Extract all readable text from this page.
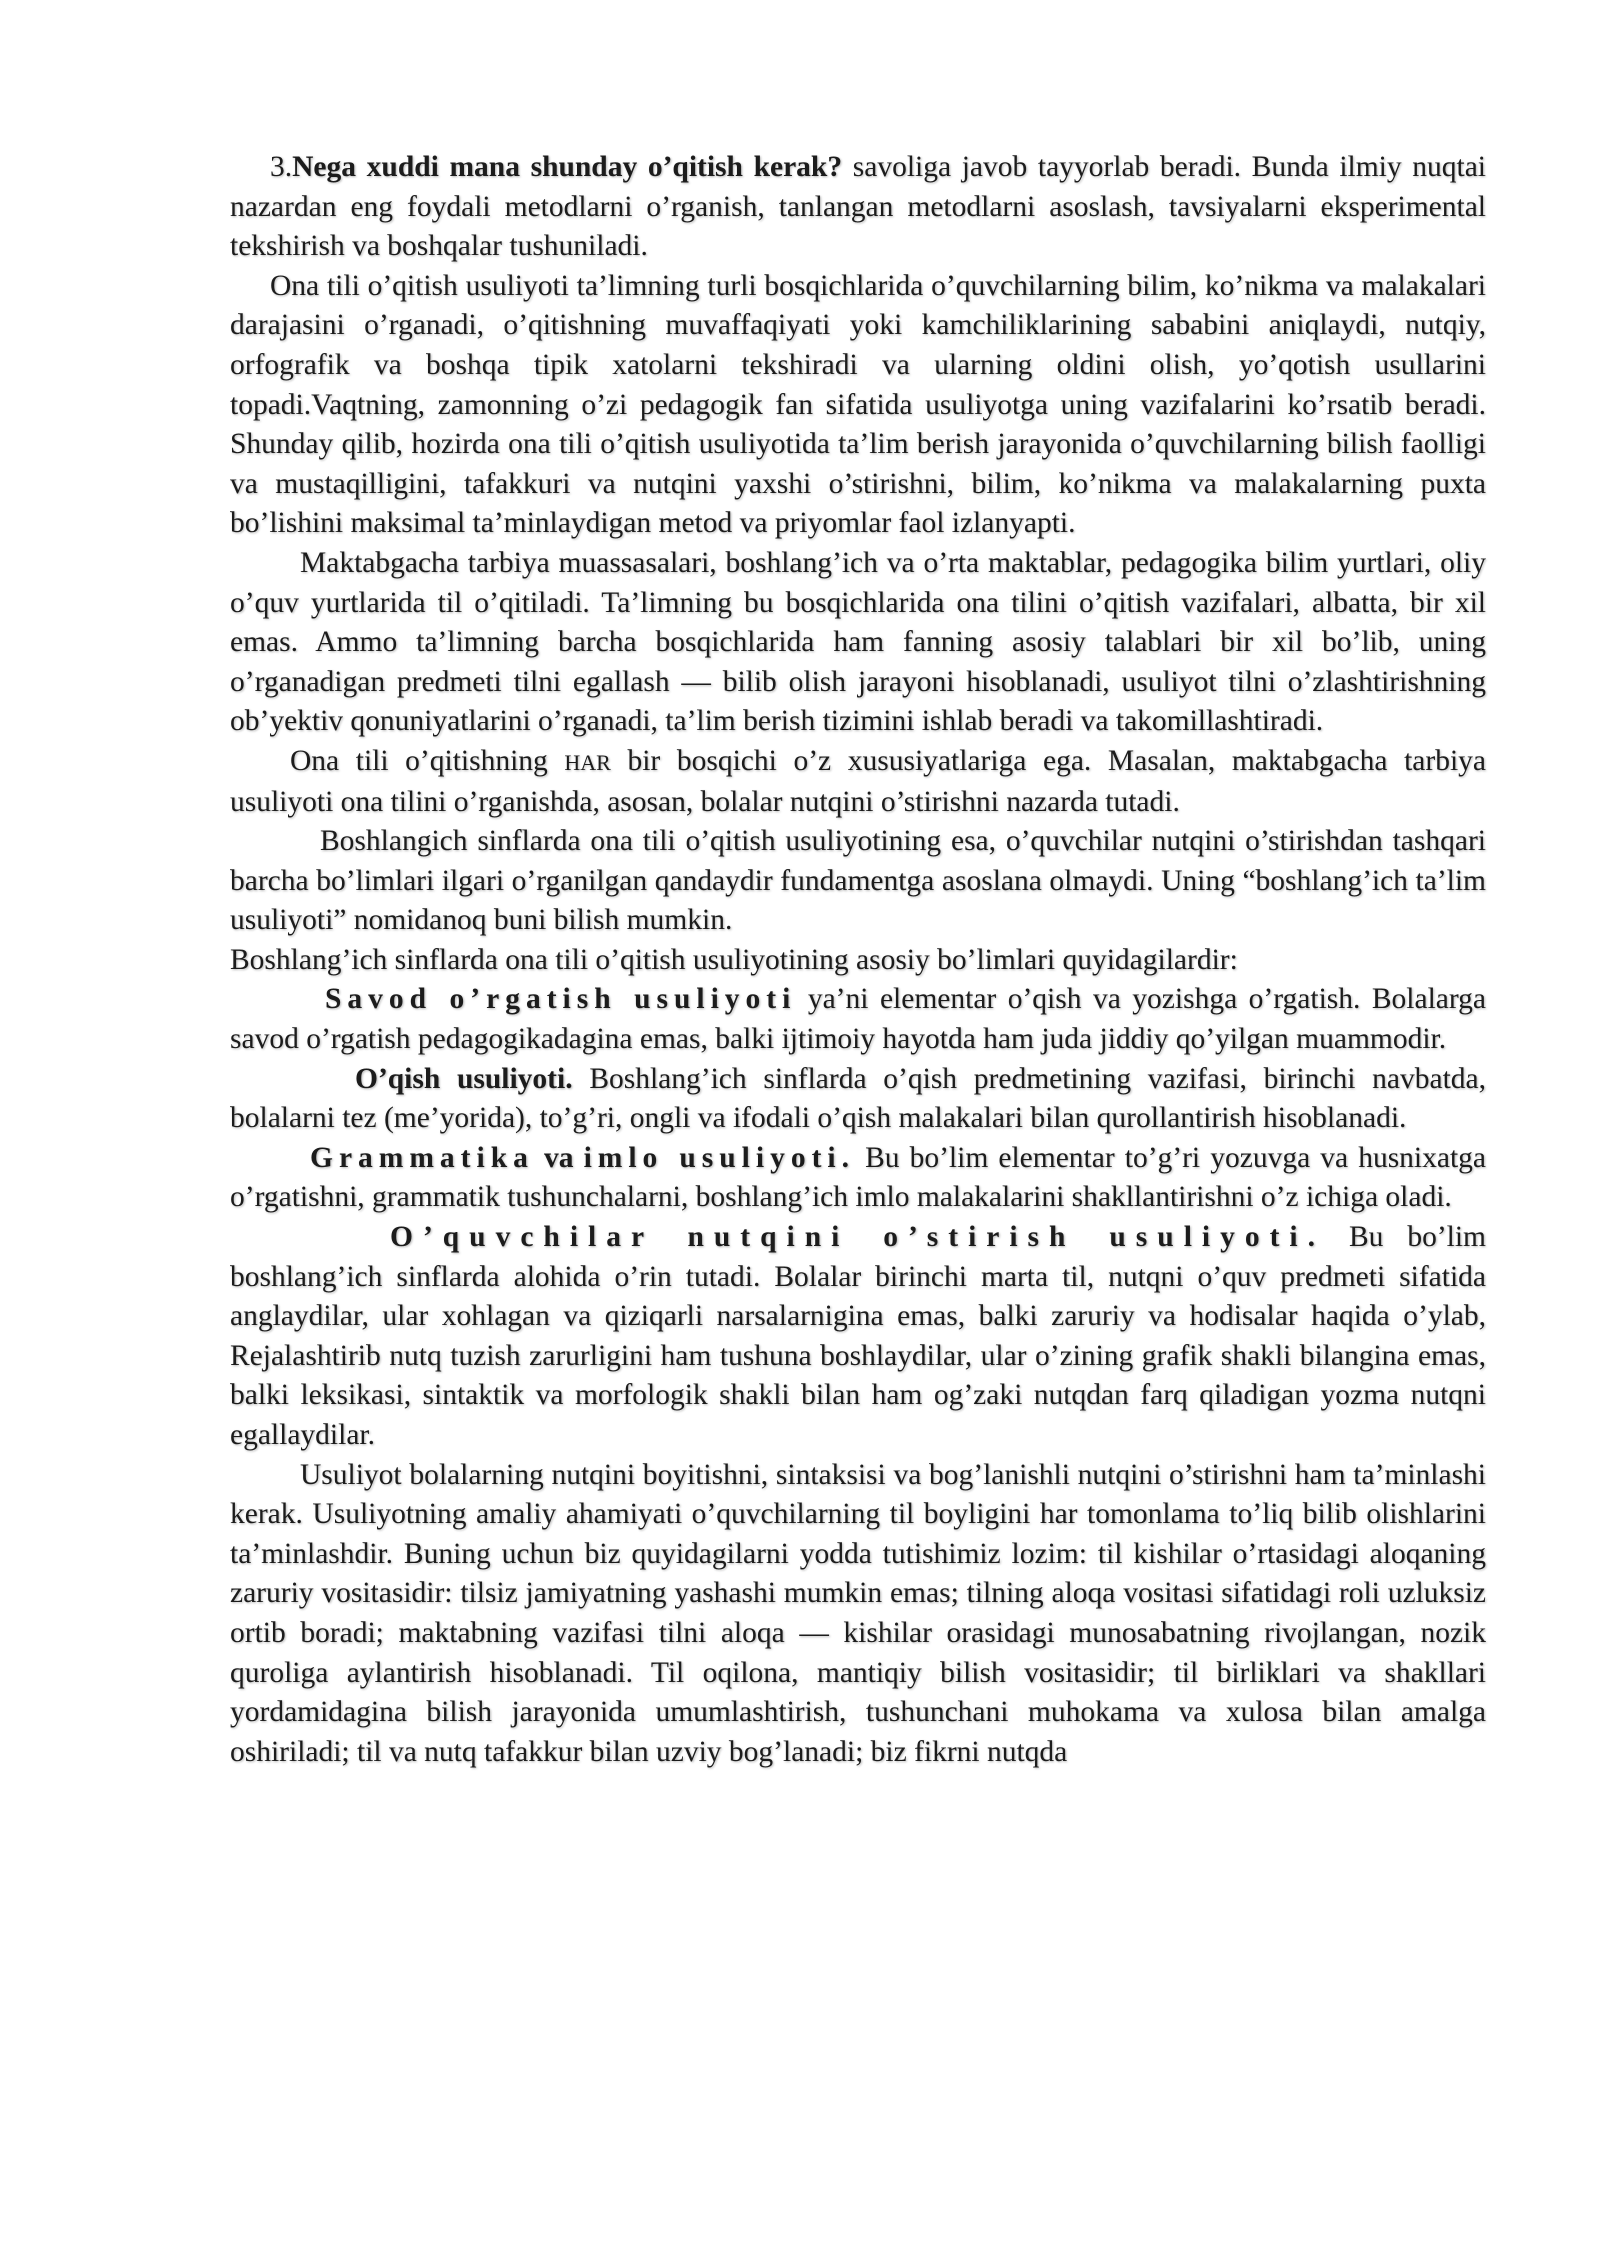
3.Nega xuddi mana shunday o’qitish kerak? savoliga javob tayyorlab beradi. Bunda ilmiy nuqtai nazardan eng foydali metodlarni o’rganish, tanlangan metodlarni asoslash, tavsiyalarni eksperimental tekshirish va boshqalar tushuniladi.

Ona tili o’qitish usuliyoti ta’limning turli bosqichlarida o’quvchilarning bilim, ko’nikma va malakalari darajasini o’rganadi, o’qitishning muvaffaqiyati yoki kamchiliklarining sababini aniqlaydi, nutqiy, orfografik va boshqa tipik xatolarni tekshiradi va ularning oldini olish, yo’qotish usullarini topadi.Vaqtning, zamonning o’zi pedagogik fan sifatida usuliyotga uning vazifalarini ko’rsatib beradi. Shunday qilib, hozirda ona tili o’qitish usuliyotida ta’lim berish jarayonida o’quvchilarning bilish faolligi va mustaqilligini, tafakkuri va nutqini yaxshi o’stirishni, bilim, ko’nikma va malakalarning puxta bo’lishini maksimal ta’minlaydigan metod va priyomlar faol izlanyapti.

Maktabgacha tarbiya muassasalari, boshlang’ich va o’rta maktablar, pedagogika bilim yurtlari, oliy o’quv yurtlarida til o’qitiladi. Ta’limning bu bosqichlarida ona tilini o’qitish vazifalari, albatta, bir xil emas. Ammo ta’limning barcha bosqichlarida ham fanning asosiy talablari bir xil bo’lib, uning o’rganadigan predmeti tilni egallash — bilib olish jarayoni hisoblanadi, usuliyot tilni o’zlashtirishning ob’yektiv qonuniyatlarini o’rganadi, ta’lim berish tizimini ishlab beradi va takomillashtiradi.

Ona tili o’qitishning HAR bir bosqichi o’z xususiyatlariga ega. Masalan, maktabgacha tarbiya usuliyoti ona tilini o’rganishda, asosan, bolalar nutqini o’stirishni nazarda tutadi.

Boshlangich sinflarda ona tili o’qitish usuliyotining esa, o’quvchilar nutqini o’stirishdan tashqari barcha bo’limlari ilgari o’rganilgan qandaydir fundamentga asoslana olmaydi. Uning “boshlang’ich ta’lim usuliyoti” nomidanoq buni bilish mumkin.

Boshlang’ich sinflarda ona tili o’qitish usuliyotining asosiy bo’limlari quyidagilardir:

Savod o’rgatish usuliyoti ya’ni elementar o’qish va yozishga o’rgatish. Bolalarga savod o’rgatish pedagogikadagina emas, balki ijtimoiy hayotda ham juda jiddiy qo’yilgan muammodir.

O’qish usuliyoti. Boshlang’ich sinflarda o’qish predmetining vazifasi, birinchi navbatda, bolalarni tez (me’yorida), to’g’ri, ongli va ifodali o’qish malakalari bilan qurollantirish hisoblanadi.

Grammatika va imlo usuliyoti. Bu bo’lim elementar to’g’ri yozuvga va husnixatga o’rgatishni, grammatik tushunchalarni, boshlang’ich imlo malakalarini shakllantirishni o’z ichiga oladi.

O’quvchilar nutqini o’stirish usuliyoti. Bu bo’lim boshlang’ich sinflarda alohida o’rin tutadi. Bolalar birinchi marta til, nutqni o’quv predmeti sifatida anglaydilar, ular xohlagan va qiziqarli narsalarnigina emas, balki zaruriy va hodisalar haqida o’ylab, Rejalashtirib nutq tuzish zarurligini ham tushuna boshlaydilar, ular o’zining grafik shakli bilangina emas, balki leksikasi, sintaktik va morfologik shakli bilan ham og’zaki nutqdan farq qiladigan yozma nutqni egallaydilar.

Usuliyot bolalarning nutqini boyitishni, sintaksisi va bog’lanishli nutqini o’stirishni ham ta’minlashi kerak. Usuliyotning amaliy ahamiyati o’quvchilarning til boyligini har tomonlama to’liq bilib olishlarini ta’minlashdir. Buning uchun biz quyidagilarni yodda tutishimiz lozim: til kishilar o’rtasidagi aloqaning zaruriy vositasidir: tilsiz jamiyatning yashashi mumkin emas; tilning aloqa vositasi sifatidagi roli uzluksiz ortib boradi; maktabning vazifasi tilni aloqa — kishilar orasidagi munosabatning rivojlangan, nozik quroliga aylantirish hisoblanadi. Til oqilona, mantiqiy bilish vositasidir; til birliklari va shakllari yordamidagina bilish jarayonida umumlashtirish, tushunchani muhokama va xulosa bilan amalga oshiriladi; til va nutq tafakkur bilan uzviy bog’lanadi; biz fikrni nutqda
